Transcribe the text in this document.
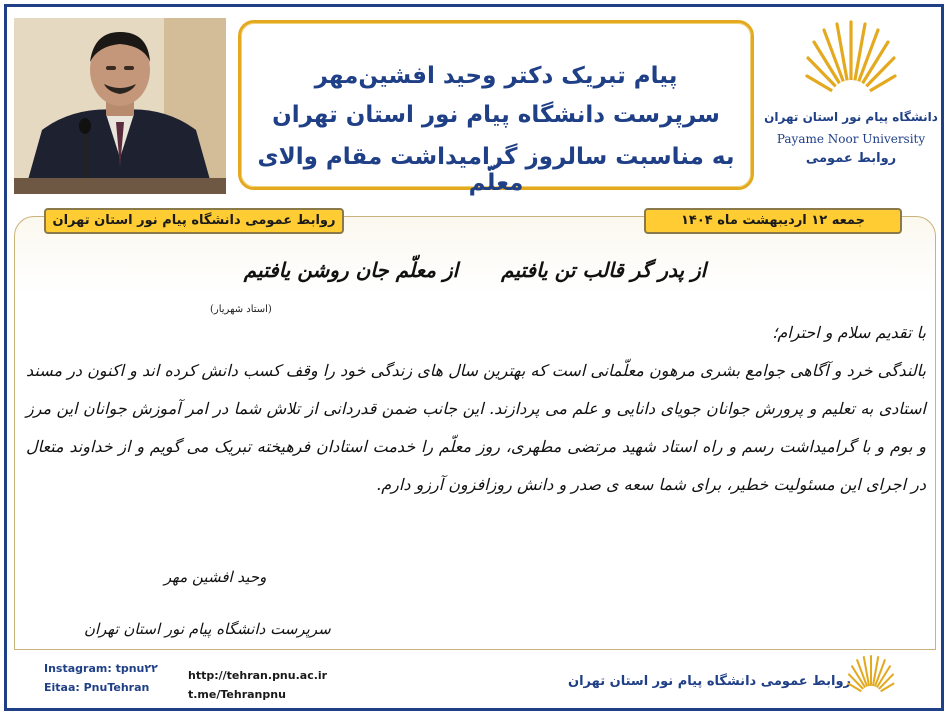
پیام تبریک دکتر وحید افشین‌مهر
سرپرست دانشگاه پیام نور استان تهران
به مناسبت سالروز گرامیداشت مقام والای معلّم
دانشگاه پیام نور استان تهران
Payame Noor University
روابط عمومی
جمعه ۱۲ اردیبهشت ماه ۱۴۰۴
روابط عمومی دانشگاه پیام نور استان تهران
از پدر گر قالب تن یافتیم از معلّم جان روشن یافتیم
(استاد شهریار)
با تقدیم سلام و احترام؛
بالندگی خرد و آگاهی جوامع بشری مرهون معلّمانی است که بهترین سال های زندگی خود را وقف کسب دانش کرده اند و اکنون در مسند استادی به تعلیم و پرورش جوانان جویای دانایی و علم می پردازند. این جانب ضمن قدردانی از تلاش شما در امر آموزش جوانان این مرز و بوم و با گرامیداشت رسم و راه استاد شهید مرتضی مطهری، روز معلّم را خدمت استادان فرهیخته تبریک می گویم و از خداوند متعال در اجرای این مسئولیت خطیر، برای شما سعه ی صدر و دانش روزافزون آرزو دارم.
وحید افشین مهر
سرپرست دانشگاه پیام نور استان تهران
Instagram: tpnu۲۲
Eitaa: PnuTehran
http://tehran.pnu.ac.ir
t.me/Tehranpnu
روابط عمومی دانشگاه پیام نور استان تهران
